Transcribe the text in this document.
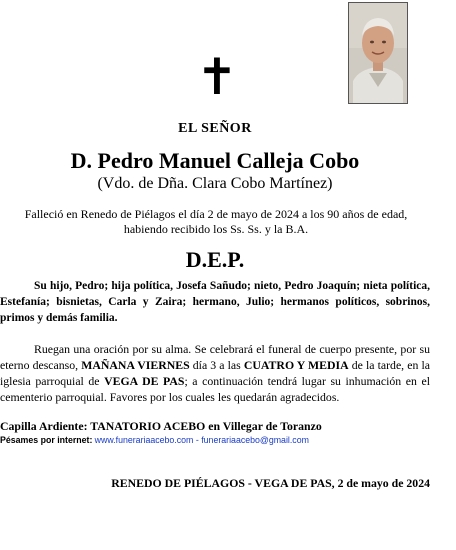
✝
EL SEÑOR
D. Pedro Manuel Calleja Cobo
(Vdo. de Dña. Clara Cobo Martínez)
Falleció en Renedo de Piélagos el día 2 de mayo de 2024 a los 90 años de edad,
habiendo recibido los Ss. Ss. y la B.A.
D.E.P.
Su hijo, Pedro; hija política, Josefa Sañudo; nieto, Pedro Joaquín; nieta política, Estefanía; bisnietas, Carla y Zaira; hermano, Julio; hermanos políticos, sobrinos, primos y demás familia.
Ruegan una oración por su alma. Se celebrará el funeral de cuerpo presente, por su eterno descanso, MAÑANA VIERNES día 3 a las CUATRO Y MEDIA de la tarde, en la iglesia parroquial de VEGA DE PAS; a continuación tendrá lugar su inhumación en el cementerio parroquial. Favores por los cuales les quedarán agradecidos.
Capilla Ardiente: TANATORIO ACEBO en Villegar de Toranzo
Pésames por internet: www.funerariaacebo.com - funerariaacebo@gmail.com
RENEDO DE PIÉLAGOS - VEGA DE PAS, 2 de mayo de 2024
